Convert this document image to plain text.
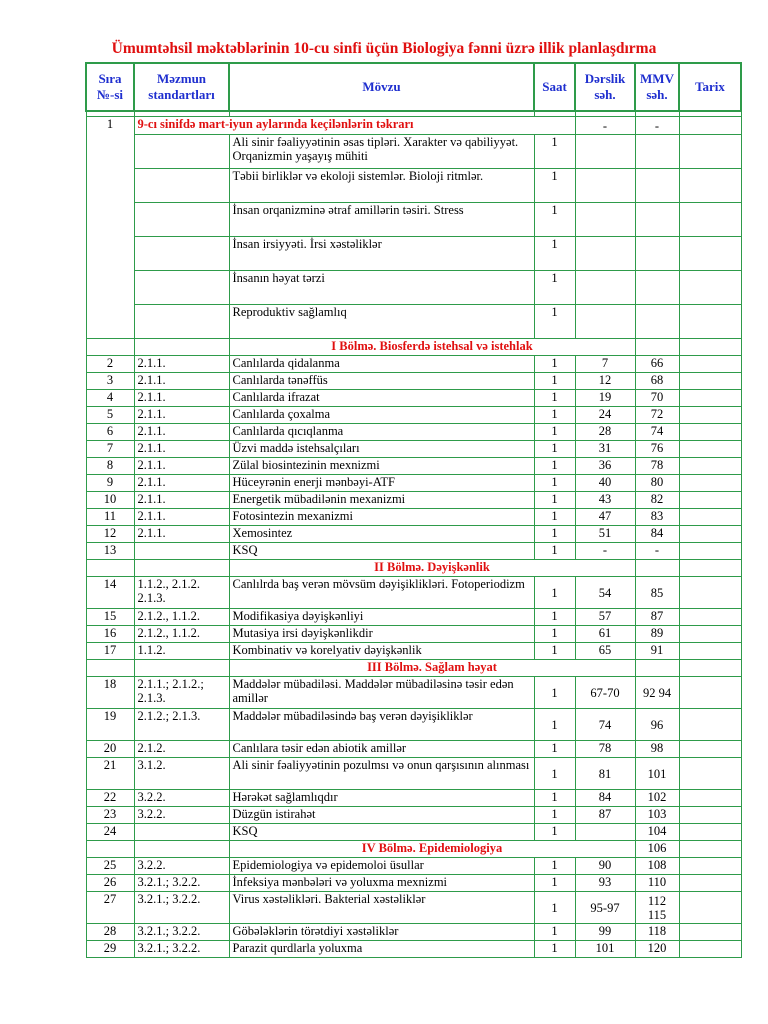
Ümumtəhsil məktəblərinin 10-cu sinfi üçün Biologiya fənni üzrə illik planlaşdırma
Sıra №-si	Məzmun standartları	Mövzu	Saat	Dərslik səh.	MMV səh.	Tarix

1	9-cı sinifdə mart-iyun aylarında keçilənlərin təkrarı			-	-	
		Ali sinir fəaliyyətinin əsas tipləri. Xarakter və qabiliyyət. Orqanizmin yaşayış mühiti	1			
		Təbii birliklər və ekoloji sistemlər. Bioloji ritmlər.	1			
		İnsan orqanizminə ətraf amillərin təsiri. Stress	1			
		İnsan irsiyyəti. İrsi xəstəliklər	1			
		İnsanın həyat tərzi	1			
		Reproduktiv sağlamlıq	1			
		I Bölmə. Biosferdə istehsal və istehlak				
2	2.1.1.	Canlılarda qidalanma	1	7	66	
3	2.1.1.	Canlılarda tənəffüs	1	12	68	
4	2.1.1.	Canlılarda ifrazat	1	19	70	
5	2.1.1.	Canlılarda çoxalma	1	24	72	
6	2.1.1.	Canlılarda qıcıqlanma	1	28	74	
7	2.1.1.	Üzvi maddə istehsalçıları	1	31	76	
8	2.1.1.	Zülal biosintezinin mexnizmi	1	36	78	
9	2.1.1.	Hüceyrənin enerji mənbəyi-ATF	1	40	80	
10	2.1.1.	Energetik mübadilənin mexanizmi	1	43	82	
11	2.1.1.	Fotosintezin mexanizmi	1	47	83	
12	2.1.1.	Xemosintez	1	51	84	
13		KSQ	1	-	-	
		II Bölmə. Dəyişkənlik				
14	1.1.2., 2.1.2. 2.1.3.	Canlılrda baş verən mövsüm dəyişiklikləri. Fotoperiodizm	1	54	85	
15	2.1.2., 1.1.2.	Modifikasiya dəyişkənliyi	1	57	87	
16	2.1.2., 1.1.2.	Mutasiya irsi dəyişkənlikdir	1	61	89	
17	1.1.2.	Kombinativ və korelyativ dəyişkənlik	1	65	91	
		III Bölmə. Sağlam həyat				
18	2.1.1.; 2.1.2.; 2.1.3.	Maddələr mübadiləsi. Maddələr mübadiləsinə təsir edən amillər	1	67-70	92 94	
19	2.1.2.; 2.1.3.	Maddələr mübadiləsində baş verən dəyişikliklər	1	74	96	
20	2.1.2.	Canlılara təsir edən abiotik amillər	1	78	98	
21	3.1.2.	Ali sinir fəaliyyətinin pozulmsı və onun qarşısının alınması	1	81	101	
22	3.2.2.	Hərəkət sağlamlıqdır	1	84	102	
23	3.2.2.	Düzgün istirahət	1	87	103	
24		KSQ	1		104	
		IV Bölmə. Epidemiologiya			106	
25	3.2.2.	Epidemiologiya və epidemoloi üsullar	1	90	108	
26	3.2.1.; 3.2.2.	İnfeksiya mənbələri və yoluxma mexnizmi	1	93	110	
27	3.2.1.; 3.2.2.	Virus xəstəlikləri. Bakterial xəstəliklər	1	95-97	112 115	
28	3.2.1.; 3.2.2.	Göbələklərin törətdiyi xəstəliklər	1	99	118	
29	3.2.1.; 3.2.2.	Parazit qurdlarla yoluxma	1	101	120	
